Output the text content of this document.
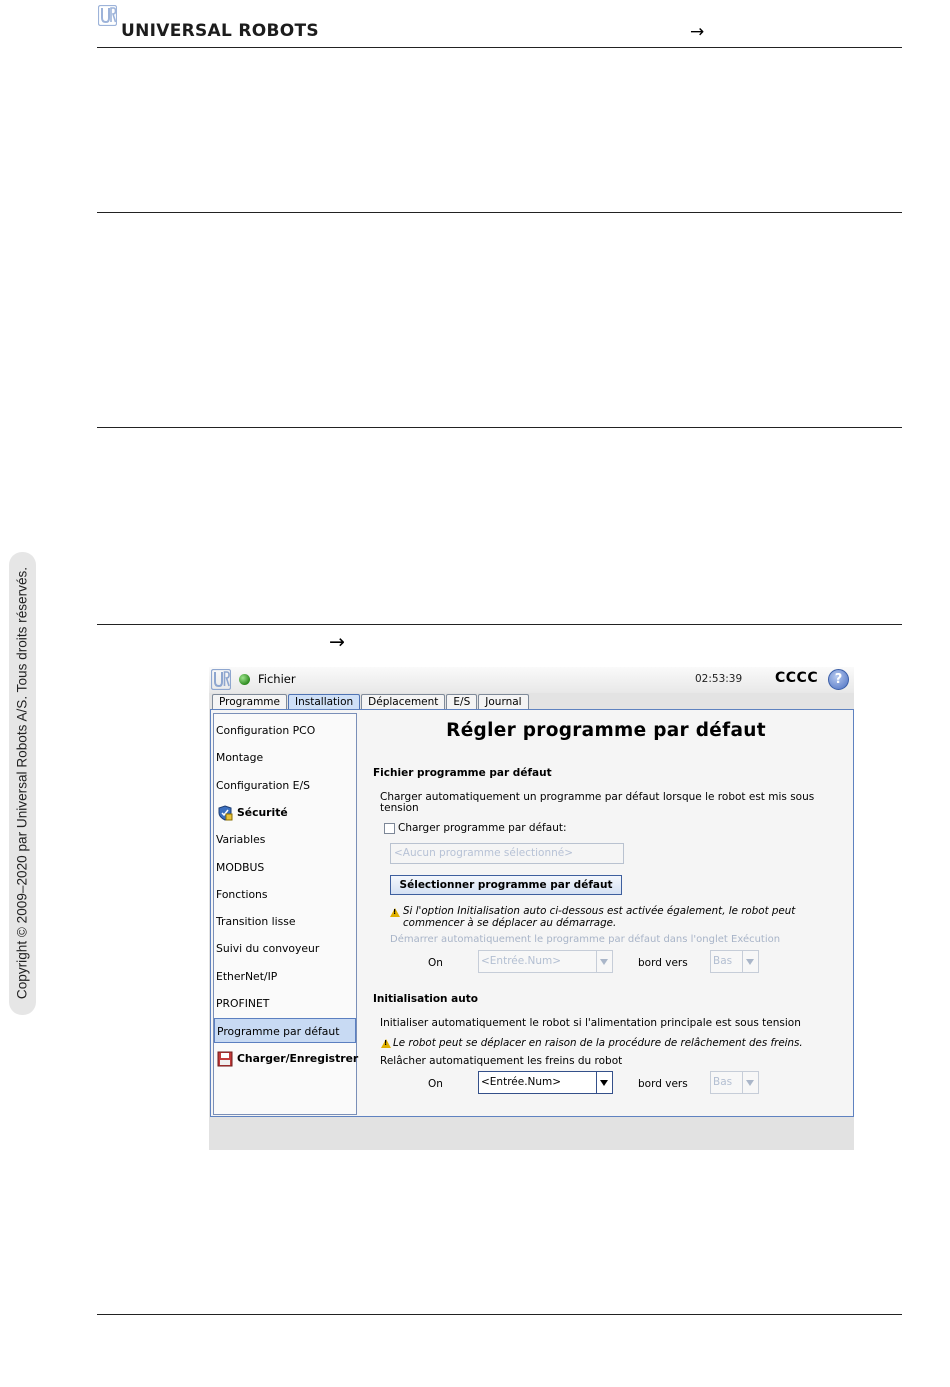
UNIVERSAL ROBOTS	→
→
Copyright © 2009–2020 par Universal Robots A/S. Tous droits réservés.	Fichier	02:53:39 CCCC	?
Programme	Installation	Déplacement	E/S	Journal
Configuration PCO
Montage
Configuration E/S
Sécurité
Variables
MODBUS
Fonctions
Transition lisse
Suivi du convoyeur
EtherNet/IP
PROFINET
Programme par défaut
Charger/Enregistrer
Régler programme par défaut
Fichier programme par défaut
Charger automatiquement un programme par défaut lorsque le robot est mis sous
tension
Charger programme par défaut:
<Aucun programme sélectionné>
Sélectionner programme par défaut
!
Si l'option Initialisation auto ci-dessous est activée également, le robot peut
commencer à se déplacer au démarrage.
Démarrer automatiquement le programme par défaut dans l'onglet Exécution
On	<Entrée.Num>	bord vers Bas
Initialisation auto
Initialiser automatiquement le robot si l'alimentation principale est sous tension
!
Le robot peut se déplacer en raison de la procédure de relâchement des freins.
Relâcher automatiquement les freins du robot
On	<Entrée.Num>	bord vers Bas
